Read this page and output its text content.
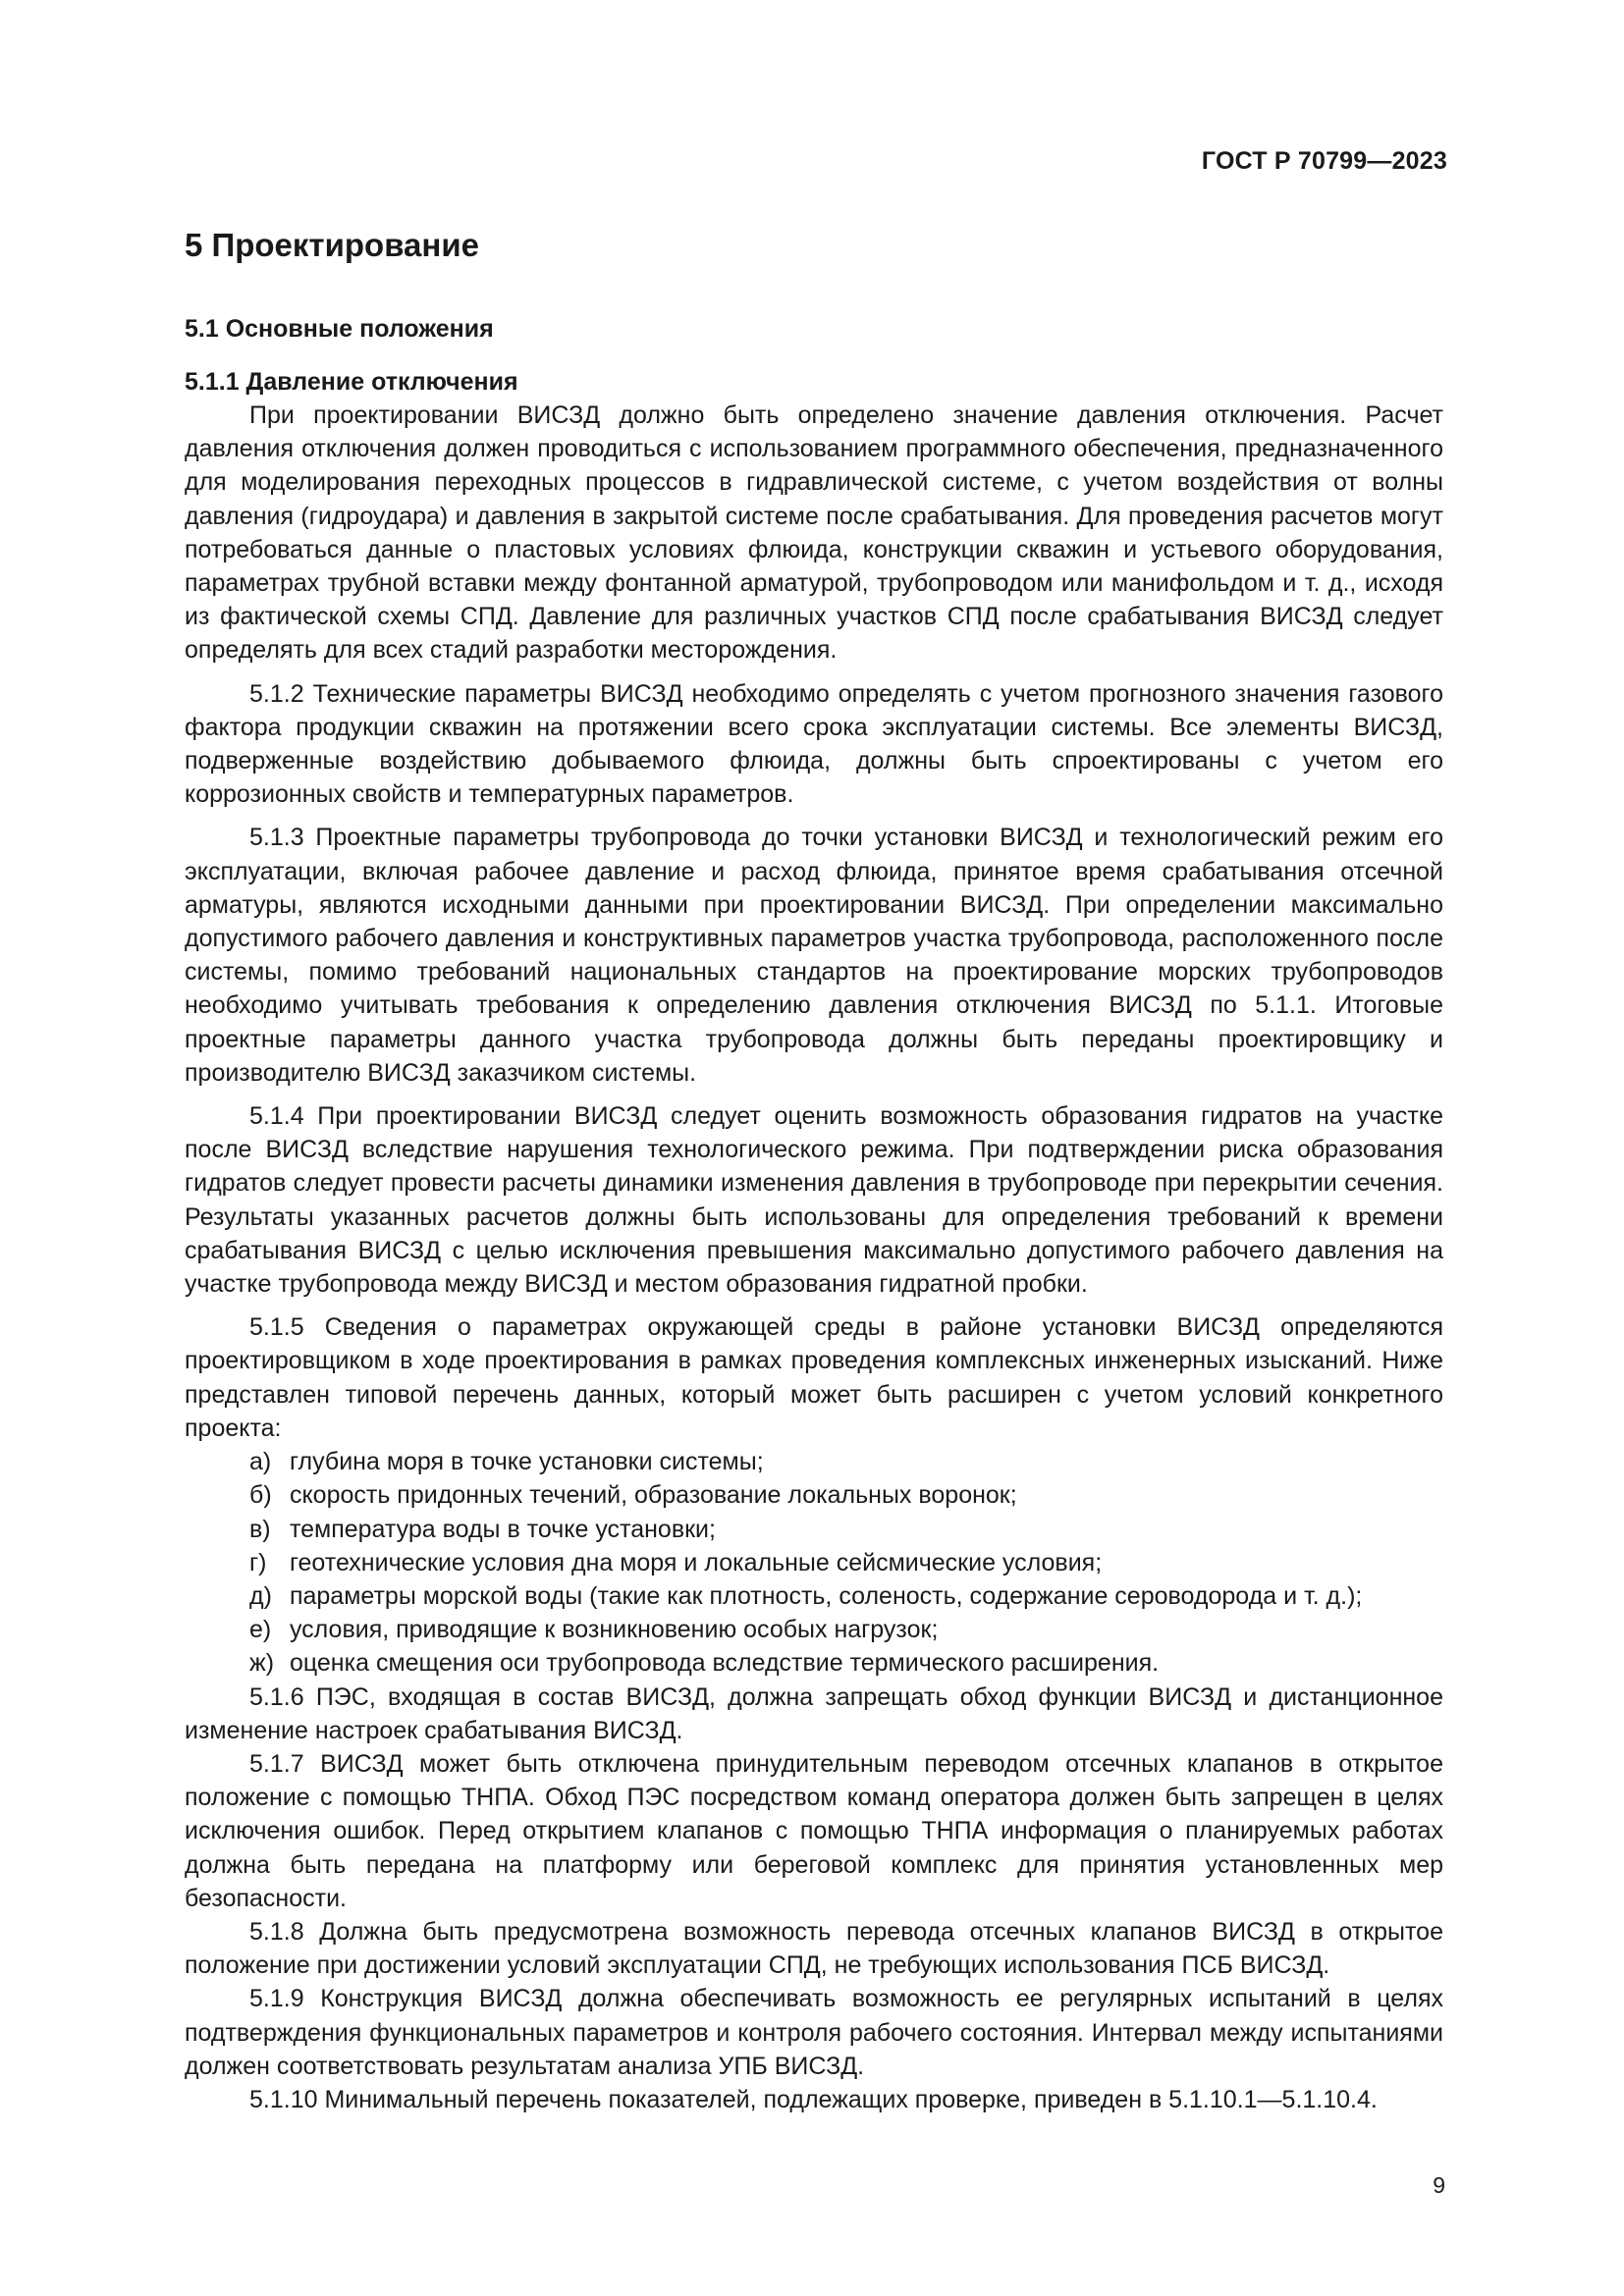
ГОСТ Р 70799—2023
5 Проектирование
5.1 Основные положения
5.1.1 Давление отключения

При проектировании ВИСЗД должно быть определено значение давления отключения. Расчет давления отключения должен проводиться с использованием программного обеспечения, предназначенного для моделирования переходных процессов в гидравлической системе, с учетом воздействия от волны давления (гидроудара) и давления в закрытой системе после срабатывания. Для проведения расчетов могут потребоваться данные о пластовых условиях флюида, конструкции скважин и устьевого оборудования, параметрах трубной вставки между фонтанной арматурой, трубопроводом или манифольдом и т. д., исходя из фактической схемы СПД. Давление для различных участков СПД после срабатывания ВИСЗД следует определять для всех стадий разработки месторождения.

5.1.2 Технические параметры ВИСЗД необходимо определять с учетом прогнозного значения газового фактора продукции скважин на протяжении всего срока эксплуатации системы. Все элементы ВИСЗД, подверженные воздействию добываемого флюида, должны быть спроектированы с учетом его коррозионных свойств и температурных параметров.

5.1.3 Проектные параметры трубопровода до точки установки ВИСЗД и технологический режим его эксплуатации, включая рабочее давление и расход флюида, принятое время срабатывания отсечной арматуры, являются исходными данными при проектировании ВИСЗД. При определении максимально допустимого рабочего давления и конструктивных параметров участка трубопровода, расположенного после системы, помимо требований национальных стандартов на проектирование морских трубопроводов необходимо учитывать требования к определению давления отключения ВИСЗД по 5.1.1. Итоговые проектные параметры данного участка трубопровода должны быть переданы проектировщику и производителю ВИСЗД заказчиком системы.

5.1.4 При проектировании ВИСЗД следует оценить возможность образования гидратов на участке после ВИСЗД вследствие нарушения технологического режима. При подтверждении риска образования гидратов следует провести расчеты динамики изменения давления в трубопроводе при перекрытии сечения. Результаты указанных расчетов должны быть использованы для определения требований к времени срабатывания ВИСЗД с целью исключения превышения максимально допустимого рабочего давления на участке трубопровода между ВИСЗД и местом образования гидратной пробки.

5.1.5 Сведения о параметрах окружающей среды в районе установки ВИСЗД определяются проектировщиком в ходе проектирования в рамках проведения комплексных инженерных изысканий. Ниже представлен типовой перечень данных, который может быть расширен с учетом условий конкретного проекта:

а) глубина моря в точке установки системы;
б) скорость придонных течений, образование локальных воронок;
в) температура воды в точке установки;
г) геотехнические условия дна моря и локальные сейсмические условия;
д) параметры морской воды (такие как плотность, соленость, содержание сероводорода и т. д.);
е) условия, приводящие к возникновению особых нагрузок;
ж) оценка смещения оси трубопровода вследствие термического расширения.

5.1.6 ПЭС, входящая в состав ВИСЗД, должна запрещать обход функции ВИСЗД и дистанционное изменение настроек срабатывания ВИСЗД.

5.1.7 ВИСЗД может быть отключена принудительным переводом отсечных клапанов в открытое положение с помощью ТНПА. Обход ПЭС посредством команд оператора должен быть запрещен в целях исключения ошибок. Перед открытием клапанов с помощью ТНПА информация о планируемых работах должна быть передана на платформу или береговой комплекс для принятия установленных мер безопасности.

5.1.8 Должна быть предусмотрена возможность перевода отсечных клапанов ВИСЗД в открытое положение при достижении условий эксплуатации СПД, не требующих использования ПСБ ВИСЗД.

5.1.9 Конструкция ВИСЗД должна обеспечивать возможность ее регулярных испытаний в целях подтверждения функциональных параметров и контроля рабочего состояния. Интервал между испытаниями должен соответствовать результатам анализа УПБ ВИСЗД.

5.1.10 Минимальный перечень показателей, подлежащих проверке, приведен в 5.1.10.1—5.1.10.4.

9
